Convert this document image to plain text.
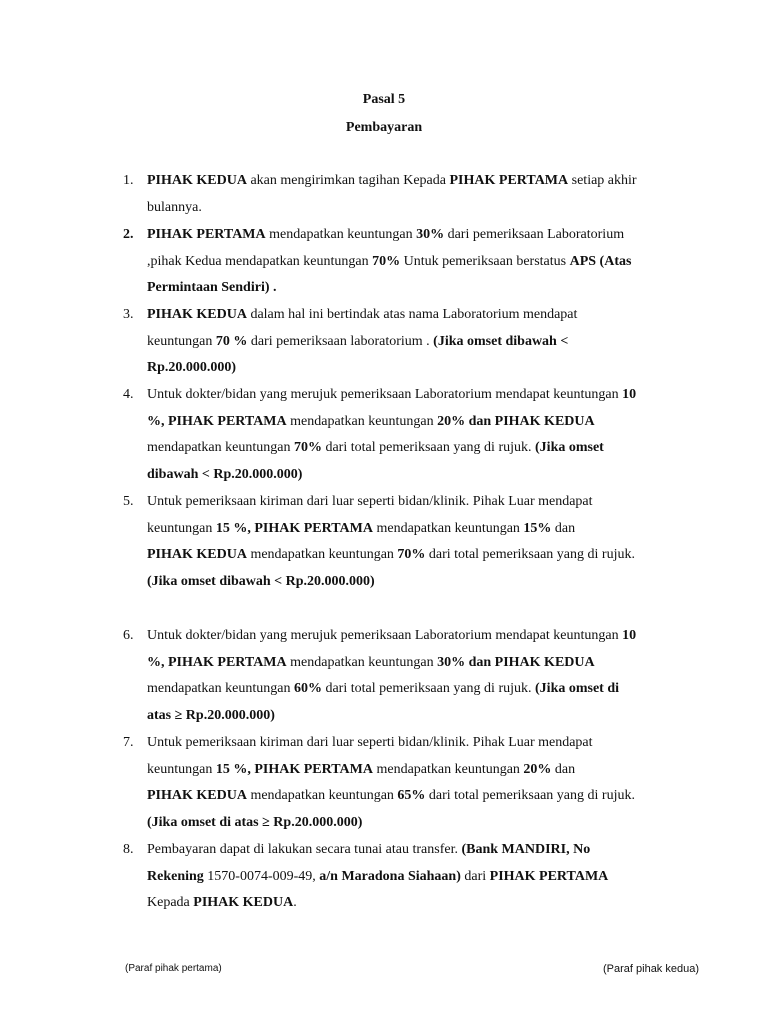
Pasal 5
Pembayaran
1. PIHAK KEDUA akan mengirimkan tagihan Kepada PIHAK PERTAMA setiap akhir
bulannya.

2. PIHAK PERTAMA mendapatkan keuntungan 30% dari pemeriksaan Laboratorium
,pihak Kedua mendapatkan keuntungan 70% Untuk pemeriksaan berstatus APS (Atas
Permintaan Sendiri) .

3. PIHAK KEDUA dalam hal ini bertindak atas nama Laboratorium mendapat
keuntungan 70 % dari pemeriksaan laboratorium . (Jika omset dibawah <
Rp.20.000.000)

4. Untuk dokter/bidan yang merujuk pemeriksaan Laboratorium mendapat keuntungan 10
%, PIHAK PERTAMA mendapatkan keuntungan 20% dan PIHAK KEDUA
mendapatkan keuntungan 70% dari total pemeriksaan yang di rujuk. (Jika omset
dibawah < Rp.20.000.000)

5. Untuk pemeriksaan kiriman dari luar seperti bidan/klinik. Pihak Luar mendapat
keuntungan 15 %, PIHAK PERTAMA mendapatkan keuntungan 15% dan
PIHAK KEDUA mendapatkan keuntungan 70% dari total pemeriksaan yang di rujuk.
(Jika omset dibawah < Rp.20.000.000)

6. Untuk dokter/bidan yang merujuk pemeriksaan Laboratorium mendapat keuntungan 10
%, PIHAK PERTAMA mendapatkan keuntungan 30% dan PIHAK KEDUA
mendapatkan keuntungan 60% dari total pemeriksaan yang di rujuk. (Jika omset di
atas ≥ Rp.20.000.000)

7. Untuk pemeriksaan kiriman dari luar seperti bidan/klinik. Pihak Luar mendapat
keuntungan 15 %, PIHAK PERTAMA mendapatkan keuntungan 20% dan
PIHAK KEDUA mendapatkan keuntungan 65% dari total pemeriksaan yang di rujuk.
(Jika omset di atas ≥ Rp.20.000.000)

8. Pembayaran dapat di lakukan secara tunai atau transfer. (Bank MANDIRI, No
Rekening 1570-0074-009-49, a/n Maradona Siahaan) dari PIHAK PERTAMA
Kepada PIHAK KEDUA.

(Paraf pihak pertama)	(Paraf pihak kedua)
